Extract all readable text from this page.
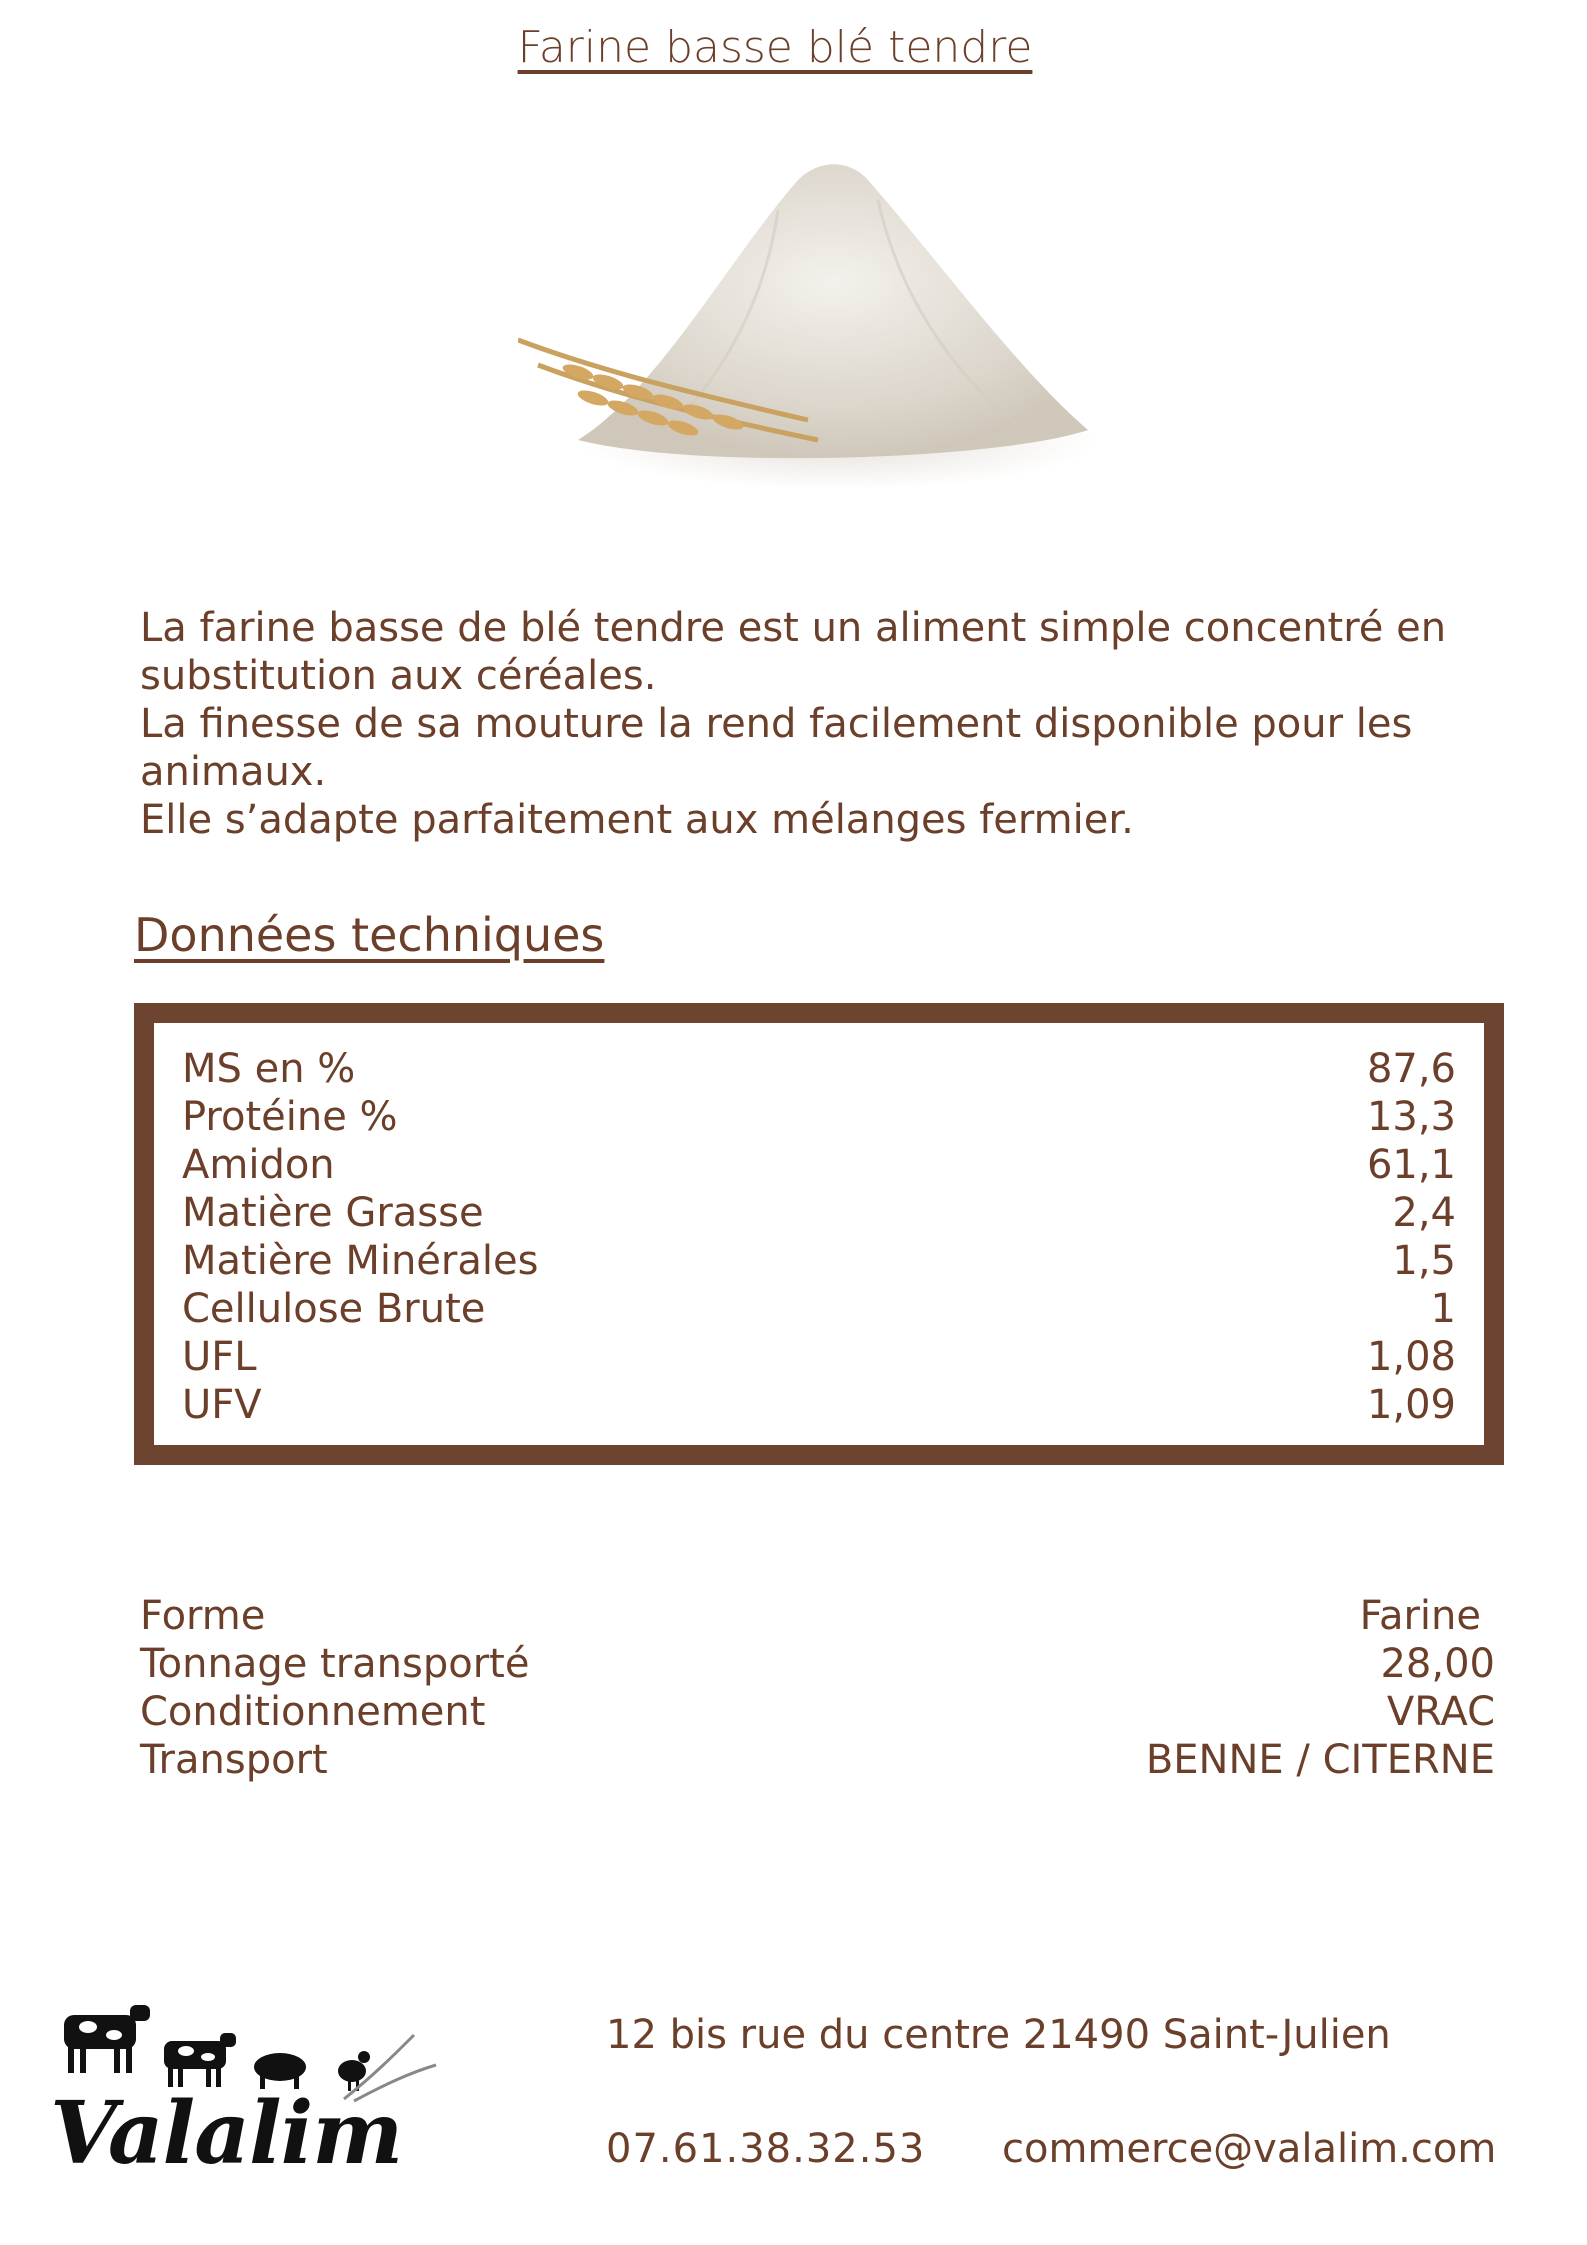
Farine basse blé tendre

La farine basse de blé tendre est un aliment simple concentré en substitution aux céréales.

La finesse de sa mouture la rend facilement disponible pour les animaux.

Elle s’adapte parfaitement aux mélanges fermier.

Données techniques
MS en %	87,6
Protéine %	13,3
Amidon	61,1
Matière Grasse	2,4
Matière Minérales	1,5
Cellulose Brute	1
UFL	1,08
UFV	1,09
Forme	Farine
Tonnage transporté	28,00
Conditionnement	VRAC
Transport	BENNE / CITERNE
Valalim
12 bis rue du centre 21490 Saint-Julien
07.61.38.32.53 commerce@valalim.com
